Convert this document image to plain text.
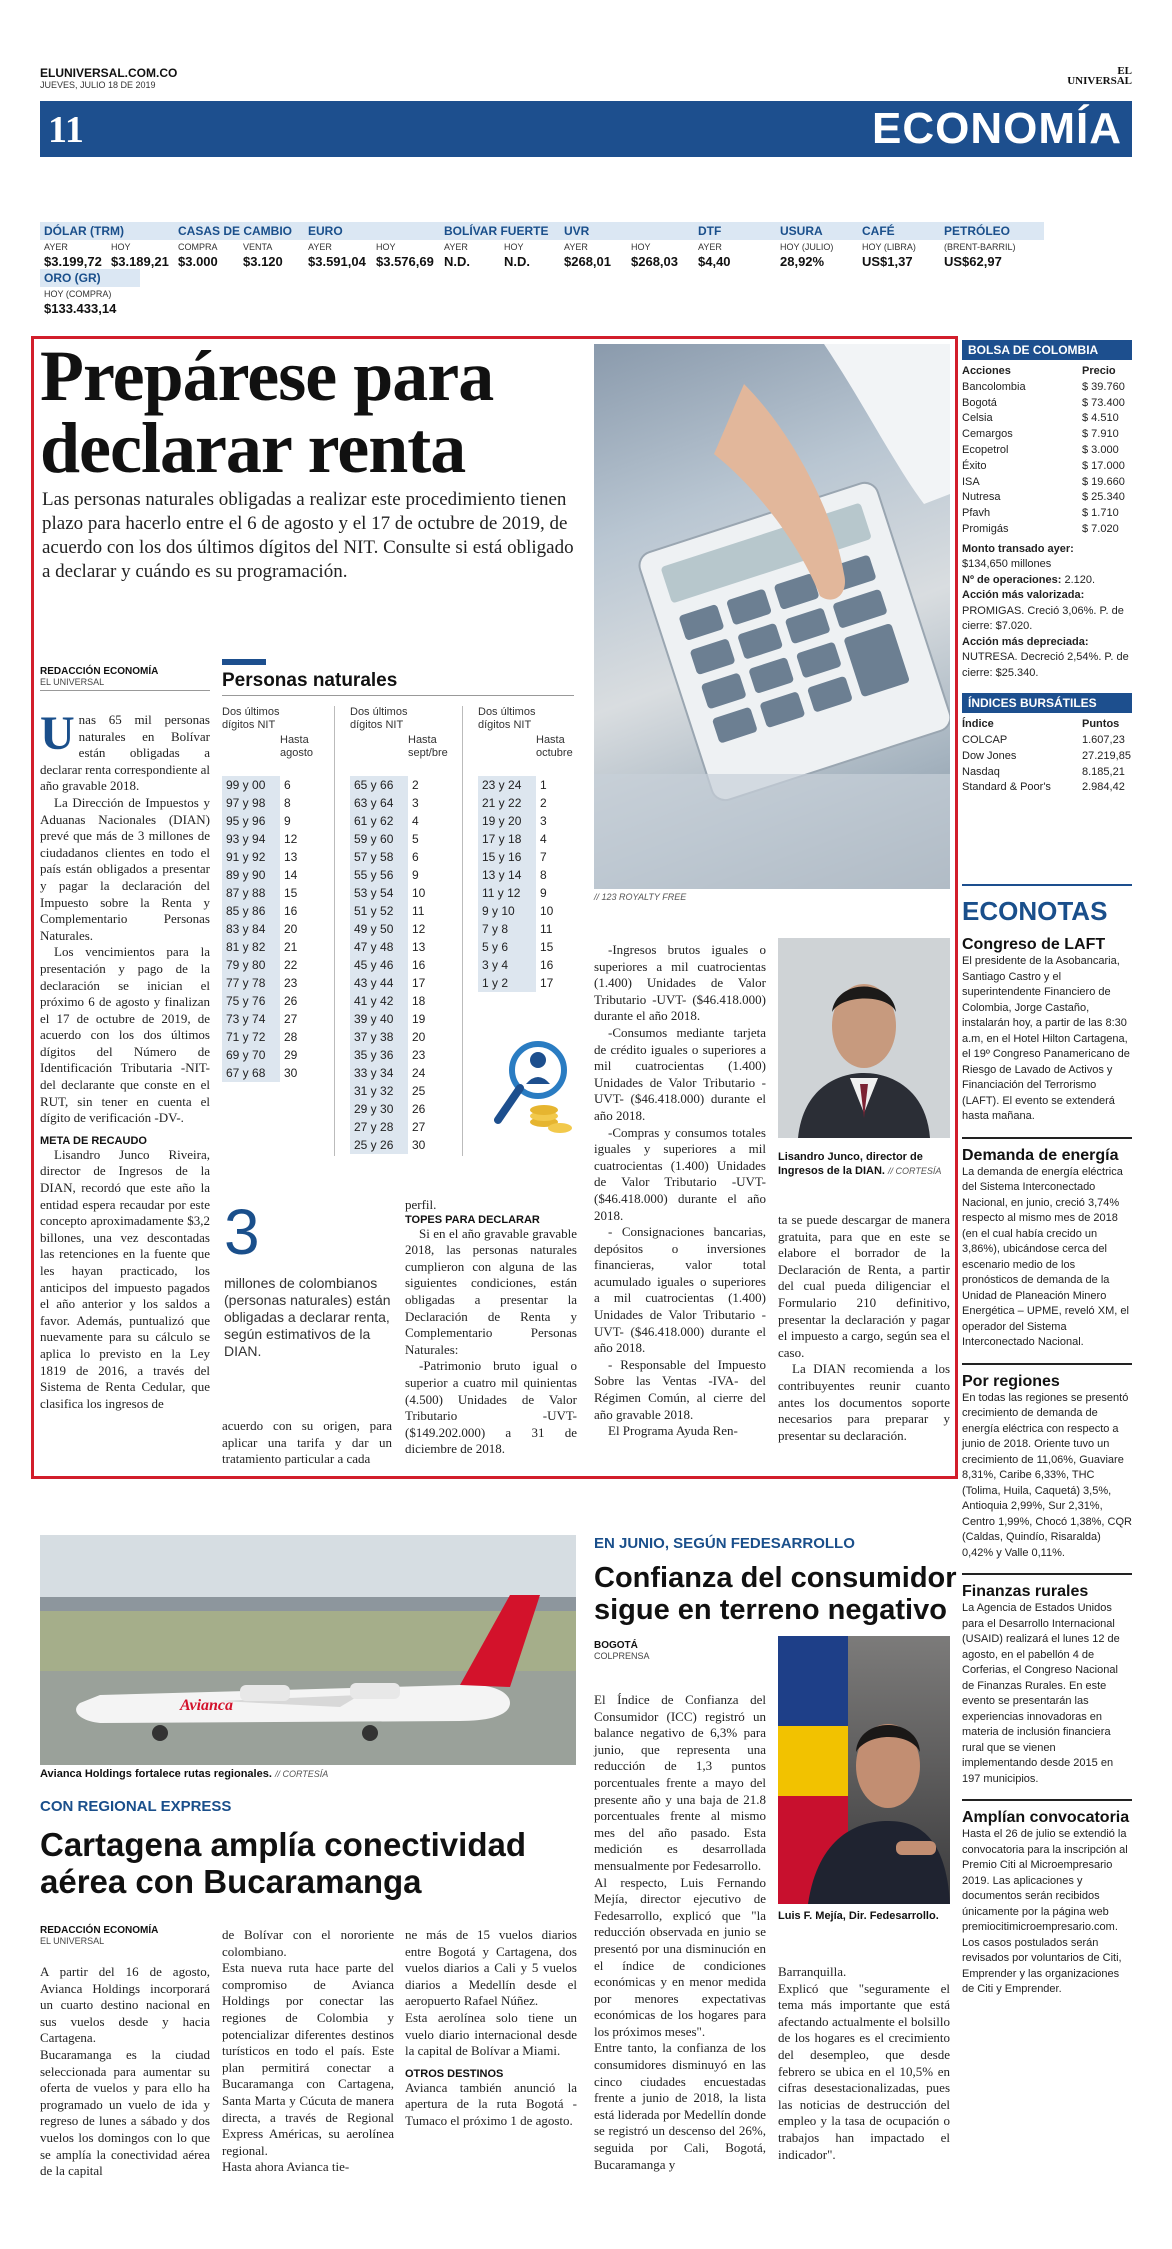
ELUNIVERSAL.COM.CO
JUEVES, JULIO 18 DE 2019
EL
UNIVERSAL
11	ECONOMÍA
DÓLAR (TRM)
AYER	HOY
$3.199,72 $3.189,21
CASAS DE CAMBIO
COMPRA	VENTA
$3.000	$3.120
EURO
AYER	HOY
$3.591,04 $3.576,69
BOLÍVAR FUERTE
AYER	HOY
N.D.	N.D.
UVR
AYER	HOY
$268,01	$268,03
DTF
AYER
$4,40
USURA
HOY (JULIO)
28,92%
CAFÉ
HOY (LIBRA)
US$1,37
PETRÓLEO
(BRENT-BARRIL)
US$62,97
ORO (GR)
HOY (COMPRA)
$133.433,14
Prepárese para
declarar renta
Las personas naturales obligadas a realizar este procedimiento tienen plazo para hacerlo entre el 6 de agosto y el 17 de octubre de 2019, de acuerdo con los dos últimos dígitos del NIT. Consulte si está obligado a declarar y cuándo es su programación.
// 123 ROYALTY FREE
REDACCIÓN ECONOMÍA
EL UNIVERSAL
Unas 65 mil personas naturales en Bolívar están obligadas a declarar renta correspondiente al año gravable 2018.

La Dirección de Impuestos y Aduanas Nacionales (DIAN) prevé que más de 3 millones de ciudadanos clientes en todo el país están obligados a presentar y pagar la declaración del Impuesto sobre la Renta y Complementario Personas Naturales.

Los vencimientos para la presentación y pago de la declaración se inician el próximo 6 de agosto y finalizan el 17 de octubre de 2019, de acuerdo con los dos últimos dígitos del Número de Identificación Tributaria -NIT- del declarante que conste en el RUT, sin tener en cuenta el dígito de verificación -DV-.

META DE RECAUDO

Lisandro Junco Riveira, director de Ingresos de la DIAN, recordó que este año la entidad espera recaudar por este concepto aproximadamente $3,2 billones, una vez descontadas las retenciones en la fuente que les hayan practicado, los anticipos del impuesto pagados el año anterior y los saldos a favor. Además, puntualizó que nuevamente para su cálculo se aplica lo previsto en la Ley 1819 de 2016, a través del Sistema de Renta Cedular, que clasifica los ingresos de

Personas naturales
Dos últimos dígitos NIT
Hasta agosto
99 y 00	6
97 y 98	8
95 y 96	9
93 y 94	12
91 y 92	13
89 y 90	14
87 y 88	15
85 y 86	16
83 y 84	20
81 y 82	21
79 y 80	22
77 y 78	23
75 y 76	26
73 y 74	27
71 y 72	28
69 y 70	29
67 y 68	30
Dos últimos dígitos NIT
Hasta sept/bre
65 y 66	2
63 y 64	3
61 y 62	4
59 y 60	5
57 y 58	6
55 y 56	9
53 y 54	10
51 y 52	11
49 y 50	12
47 y 48	13
45 y 46	16
43 y 44	17
41 y 42	18
39 y 40	19
37 y 38	20
35 y 36	23
33 y 34	24
31 y 32	25
29 y 30	26
27 y 28	27
25 y 26	30
Dos últimos dígitos NIT
Hasta octubre
23 y 24	1
21 y 22	2
19 y 20	3
17 y 18	4
15 y 16	7
13 y 14	8
11 y 12	9
9 y 10	10
7 y 8	11
5 y 6	15
3 y 4	16
1 y 2	17
3
millones de colombianos (personas naturales) están obligadas a declarar renta, según estimativos de la DIAN.
acuerdo con su origen, para aplicar una tarifa y dar un tratamiento particular a cada

perfil.

TOPES PARA DECLARAR

Si en el año gravable gravable 2018, las personas naturales cumplieron con alguna de las siguientes condiciones, están obligadas a presentar la Declaración de Renta y Complementario Personas Naturales:

-Patrimonio bruto igual o superior a cuatro mil quinientas (4.500) Unidades de Valor Tributario -UVT- ($149.202.000) a 31 de diciembre de 2018.

-Ingresos brutos iguales o superiores a mil cuatrocientas (1.400) Unidades de Valor Tributario -UVT- ($46.418.000) durante el año 2018.

-Consumos mediante tarjeta de crédito iguales o superiores a mil cuatrocientas (1.400) Unidades de Valor Tributario -UVT- ($46.418.000) durante el año 2018.

-Compras y consumos totales iguales y superiores a mil cuatrocientas (1.400) Unidades de Valor Tributario -UVT- ($46.418.000) durante el año 2018.

- Consignaciones bancarias, depósitos o inversiones financieras, valor total acumulado iguales o superiores a mil cuatrocientas (1.400) Unidades de Valor Tributario -UVT- ($46.418.000) durante el año 2018.

- Responsable del Impuesto Sobre las Ventas -IVA- del Régimen Común, al cierre del año gravable 2018.

El Programa Ayuda Ren-

Lisandro Junco, director de Ingresos de la DIAN. // CORTESÍA

ta se puede descargar de manera gratuita, para que en este se elabore el borrador de la Declaración de Renta, a partir del cual pueda diligenciar el Formulario 210 definitivo, presentar la declaración y pagar el impuesto a cargo, según sea el caso.

La DIAN recomienda a los contribuyentes reunir cuanto antes los documentos soporte necesarios para preparar y presentar su declaración.

BOLSA DE COLOMBIA
Acciones	Precio
Bancolombia	$ 39.760
Bogotá	$ 73.400
Celsia	$ 4.510
Cemargos	$ 7.910
Ecopetrol	$ 3.000
Éxito	$ 17.000
ISA	$ 19.660
Nutresa	$ 25.340
Pfavh	$ 1.710
Promigás	$ 7.020
Monto transado ayer:
$134,650 millones
Nº de operaciones: 2.120.
Acción más valorizada: PROMIGAS. Creció 3,06%. P. de cierre: $7.020.
Acción más depreciada: NUTRESA. Decreció 2,54%. P. de cierre: $25.340.
ÍNDICES BURSÁTILES
Índice	Puntos
COLCAP	1.607,23
Dow Jones	27.219,85
Nasdaq	8.185,21
Standard & Poor's	2.984,42
ECONOTAS
Congreso de LAFT
El presidente de la Asobancaria, Santiago Castro y el superintendente Financiero de Colombia, Jorge Castaño, instalarán hoy, a partir de las 8:30 a.m, en el Hotel Hilton Cartagena, el 19º Congreso Panamericano de Riesgo de Lavado de Activos y Financiación del Terrorismo (LAFT). El evento se extenderá hasta mañana.
Demanda de energía
La demanda de energía eléctrica del Sistema Interconectado Nacional, en junio, creció 3,74% respecto al mismo mes de 2018 (en el cual había crecido un 3,86%), ubicándose cerca del escenario medio de los pronósticos de demanda de la Unidad de Planeación Minero Energética – UPME, reveló XM, el operador del Sistema Interconectado Nacional.
Por regiones
En todas las regiones se presentó crecimiento de demanda de energía eléctrica con respecto a junio de 2018. Oriente tuvo un crecimiento de 11,06%, Guaviare 8,31%, Caribe 6,33%, THC (Tolima, Huila, Caquetá) 3,5%, Antioquia 2,99%, Sur 2,31%, Centro 1,99%, Chocó 1,38%, CQR (Caldas, Quindío, Risaralda) 0,42% y Valle 0,11%.
Finanzas rurales
La Agencia de Estados Unidos para el Desarrollo Internacional (USAID) realizará el lunes 12 de agosto, en el pabellón 4 de Corferias, el Congreso Nacional de Finanzas Rurales. En este evento se presentarán las experiencias innovadoras en materia de inclusión financiera rural que se vienen implementando desde 2015 en 197 municipios.
Amplían convocatoria
Hasta el 26 de julio se extendió la convocatoria para la inscripción al Premio Citi al Microempresario 2019. Las aplicaciones y documentos serán recibidos únicamente por la página web premiocitimicroempresario.com. Los casos postulados serán revisados por voluntarios de Citi, Emprender y las organizaciones de Citi y Emprender.
Avianca
Avianca Holdings fortalece rutas regionales. // CORTESÍA
CON REGIONAL EXPRESS
Cartagena amplía conectividad
aérea con Bucaramanga
REDACCIÓN ECONOMÍA
EL UNIVERSAL
A partir del 16 de agosto, Avianca Holdings incorporará un cuarto destino nacional en sus vuelos desde y hacia Cartagena.
Bucaramanga es la ciudad seleccionada para aumentar su oferta de vuelos y para ello ha programado un vuelo de ida y regreso de lunes a sábado y dos vuelos los domingos con lo que se amplía la conectividad aérea de la capital
de Bolívar con el nororiente colombiano.
Esta nueva ruta hace parte del compromiso de Avianca Holdings por conectar las regiones de Colombia y potencializar diferentes destinos turísticos en todo el país. Este plan permitirá conectar a Bucaramanga con Cartagena, Santa Marta y Cúcuta de manera directa, a través de Regional Express Américas, su aerolínea regional.
Hasta ahora Avianca tie-
ne más de 15 vuelos diarios entre Bogotá y Cartagena, dos vuelos diarios a Cali y 5 vuelos diarios a Medellín desde el aeropuerto Rafael Núñez.
Esta aerolínea solo tiene un vuelo diario internacional desde la capital de Bolívar a Miami.
OTROS DESTINOS
Avianca también anunció la apertura de la ruta Bogotá - Tumaco el próximo 1 de agosto.
EN JUNIO, SEGÚN FEDESARROLLO
Confianza del consumidor
sigue en terreno negativo
BOGOTÁ
COLPRENSA
El Índice de Confianza del Consumidor (ICC) registró un balance negativo de 6,3% para junio, que representa una reducción de 1,3 puntos porcentuales frente a mayo del presente año y una baja de 21.8 porcentuales frente al mismo mes del año pasado. Esta medición es desarrollada mensualmente por Fedesarrollo.
Al respecto, Luis Fernando Mejía, director ejecutivo de Fedesarrollo, explicó que "la reducción observada en junio se presentó por una disminución en el índice de condiciones económicas y en menor medida por menores expectativas económicas de los hogares para los próximos meses".
Entre tanto, la confianza de los consumidores disminuyó en las cinco ciudades encuestadas frente a junio de 2018, la lista está liderada por Medellín donde se registró un descenso del 26%, seguida por Cali, Bogotá, Bucaramanga y
Luis F. Mejía, Dir. Fedesarrollo.
Barranquilla.
Explicó que "seguramente el tema más importante que está afectando actualmente el bolsillo de los hogares es el crecimiento del desempleo, que desde febrero se ubica en el 10,5% en cifras desestacionalizadas, pues las noticias de destrucción del empleo y la tasa de ocupación o trabajos han impactado el indicador".
